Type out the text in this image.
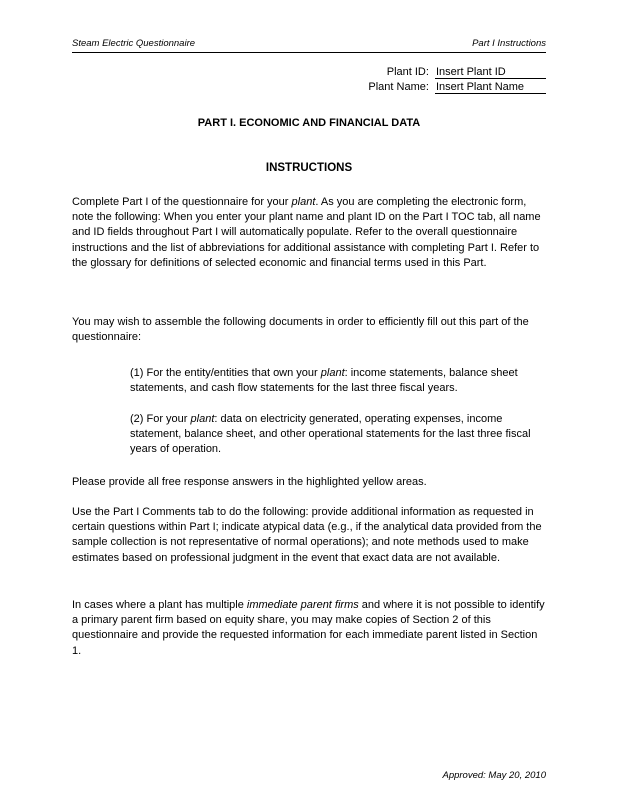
Steam Electric Questionnaire	Part I Instructions
Plant ID: Insert Plant ID
Plant Name: Insert Plant Name
PART I. ECONOMIC AND FINANCIAL DATA
INSTRUCTIONS

Complete Part I of the questionnaire for your plant. As you are completing the electronic form, note the following: When you enter your plant name and plant ID on the Part I TOC tab, all name and ID fields throughout Part I will automatically populate. Refer to the overall questionnaire instructions and the list of abbreviations for additional assistance with completing Part I. Refer to the glossary for definitions of selected economic and financial terms used in this Part.

You may wish to assemble the following documents in order to efficiently fill out this part of the questionnaire:

(1) For the entity/entities that own your plant: income statements, balance sheet statements, and cash flow statements for the last three fiscal years.

(2) For your plant: data on electricity generated, operating expenses, income statement, balance sheet, and other operational statements for the last three fiscal years of operation.

Please provide all free response answers in the highlighted yellow areas.

Use the Part I Comments tab to do the following: provide additional information as requested in certain questions within Part I; indicate atypical data (e.g., if the analytical data provided from the sample collection is not representative of normal operations); and note methods used to make estimates based on professional judgment in the event that exact data are not available.

In cases where a plant has multiple immediate parent firms and where it is not possible to identify a primary parent firm based on equity share, you may make copies of Section 2 of this questionnaire and provide the requested information for each immediate parent listed in Section 1.

Approved: May 20, 2010
